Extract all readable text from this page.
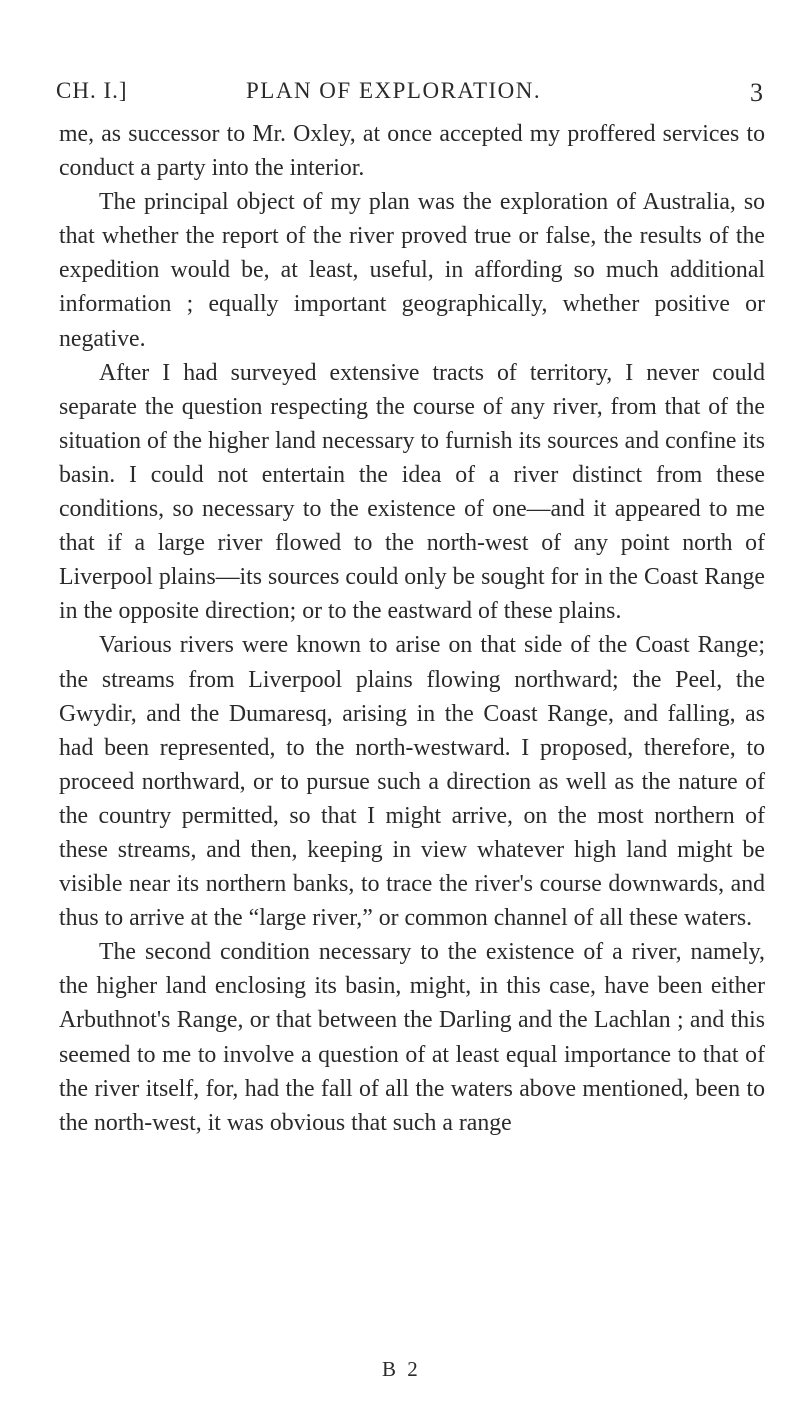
CH. I.]	PLAN OF EXPLORATION.	3

me, as successor to Mr. Oxley, at once accepted my proffered services to conduct a party into the interior.

The principal object of my plan was the exploration of Australia, so that whether the report of the river proved true or false, the results of the expedition would be, at least, useful, in affording so much additional information ; equally important geographically, whether positive or negative.

After I had surveyed extensive tracts of territory, I never could separate the question respecting the course of any river, from that of the situation of the higher land necessary to furnish its sources and confine its basin. I could not entertain the idea of a river distinct from these conditions, so necessary to the existence of one—and it appeared to me that if a large river flowed to the north-west of any point north of Liverpool plains—its sources could only be sought for in the Coast Range in the opposite direction; or to the eastward of these plains.

Various rivers were known to arise on that side of the Coast Range; the streams from Liverpool plains flowing northward; the Peel, the Gwydir, and the Dumaresq, arising in the Coast Range, and falling, as had been represented, to the north-westward. I proposed, therefore, to proceed northward, or to pursue such a direction as well as the nature of the country permitted, so that I might arrive, on the most northern of these streams, and then, keeping in view whatever high land might be visible near its northern banks, to trace the river's course downwards, and thus to arrive at the “large river,” or common channel of all these waters.

The second condition necessary to the existence of a river, namely, the higher land enclosing its basin, might, in this case, have been either Arbuthnot's Range, or that between the Darling and the Lachlan ; and this seemed to me to involve a question of at least equal importance to that of the river itself, for, had the fall of all the waters above mentioned, been to the north-west, it was obvious that such a range

B 2
